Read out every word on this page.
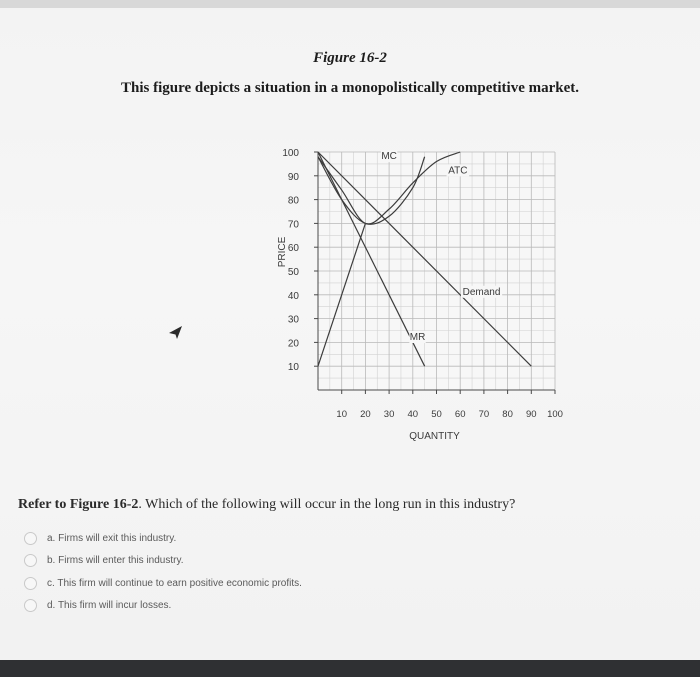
Figure 16-2
This figure depicts a situation in a monopolistically competitive market.
100
90
80
70
60
50
40
30
20
10
10 20 30 40 50 60 70 80 90 100
QUANTITY
PRICE
MC
ATC
Demand
MR
Refer to Figure 16-2. Which of the following will occur in the long run in this industry?
a. Firms will exit this industry.
b. Firms will enter this industry.
c. This firm will continue to earn positive economic profits.
d. This firm will incur losses.
